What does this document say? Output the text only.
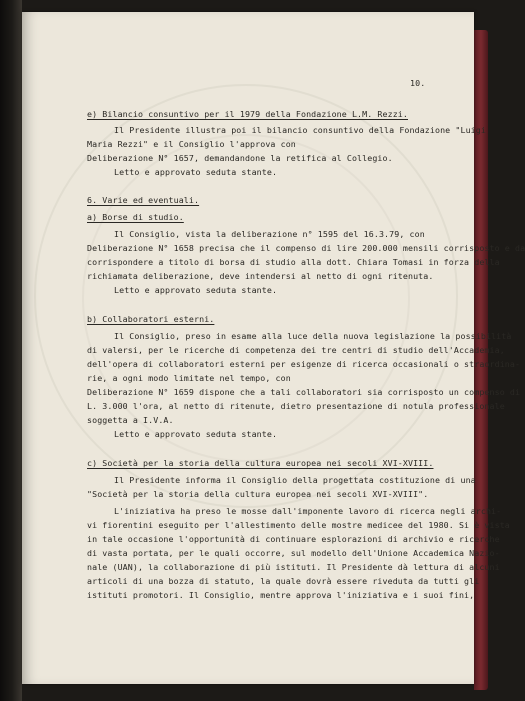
10.
e) Bilancio consuntivo per il 1979 della Fondazione L.M. Rezzi.
Il Presidente illustra poi il bilancio consuntivo della Fondazione "Luigi
Maria Rezzi" e il Consiglio l'approva con
Deliberazione N° 1657, demandandone la retifica al Collegio.
Letto e approvato seduta stante.
6. Varie ed eventuali.
a) Borse di studio.
Il Consiglio, vista la deliberazione n° 1595 del 16.3.79, con
Deliberazione N° 1658 precisa che il compenso di lire 200.000 mensili corrisposto e da
corrispondere a titolo di borsa di studio alla dott. Chiara Tomasi in forza della
richiamata deliberazione, deve intendersi al netto di ogni ritenuta.
Letto e approvato seduta stante.
b) Collaboratori esterni.
Il Consiglio, preso in esame alla luce della nuova legislazione la possibilità
di valersi, per le ricerche di competenza dei tre centri di studio dell'Accademia,
dell'opera di collaboratori esterni per esigenze di ricerca occasionali o straordina-
rie, a ogni modo limitate nel tempo, con
Deliberazione N° 1659 dispone che a tali collaboratori sia corrisposto un compenso di
L. 3.000 l'ora, al netto di ritenute, dietro presentazione di notula professionale
soggetta a I.V.A.
Letto e approvato seduta stante.
c) Società per la storia della cultura europea nei secoli XVI-XVIII.
Il Presidente informa il Consiglio della progettata costituzione di una
"Società per la storia della cultura europea nei secoli XVI-XVIII".
L'iniziativa ha preso le mosse dall'imponente lavoro di ricerca negli archi-
vi fiorentini eseguito per l'allestimento delle mostre medicee del 1980. Si è vista
in tale occasione l'opportunità di continuare esplorazioni di archivio e ricerche
di vasta portata, per le quali occorre, sul modello dell'Unione Accademica Nazio-
nale (UAN), la collaborazione di più istituti. Il Presidente dà lettura di alcuni
articoli di una bozza di statuto, la quale dovrà essere riveduta da tutti gli
istituti promotori. Il Consiglio, mentre approva l'iniziativa e i suoi fini,
